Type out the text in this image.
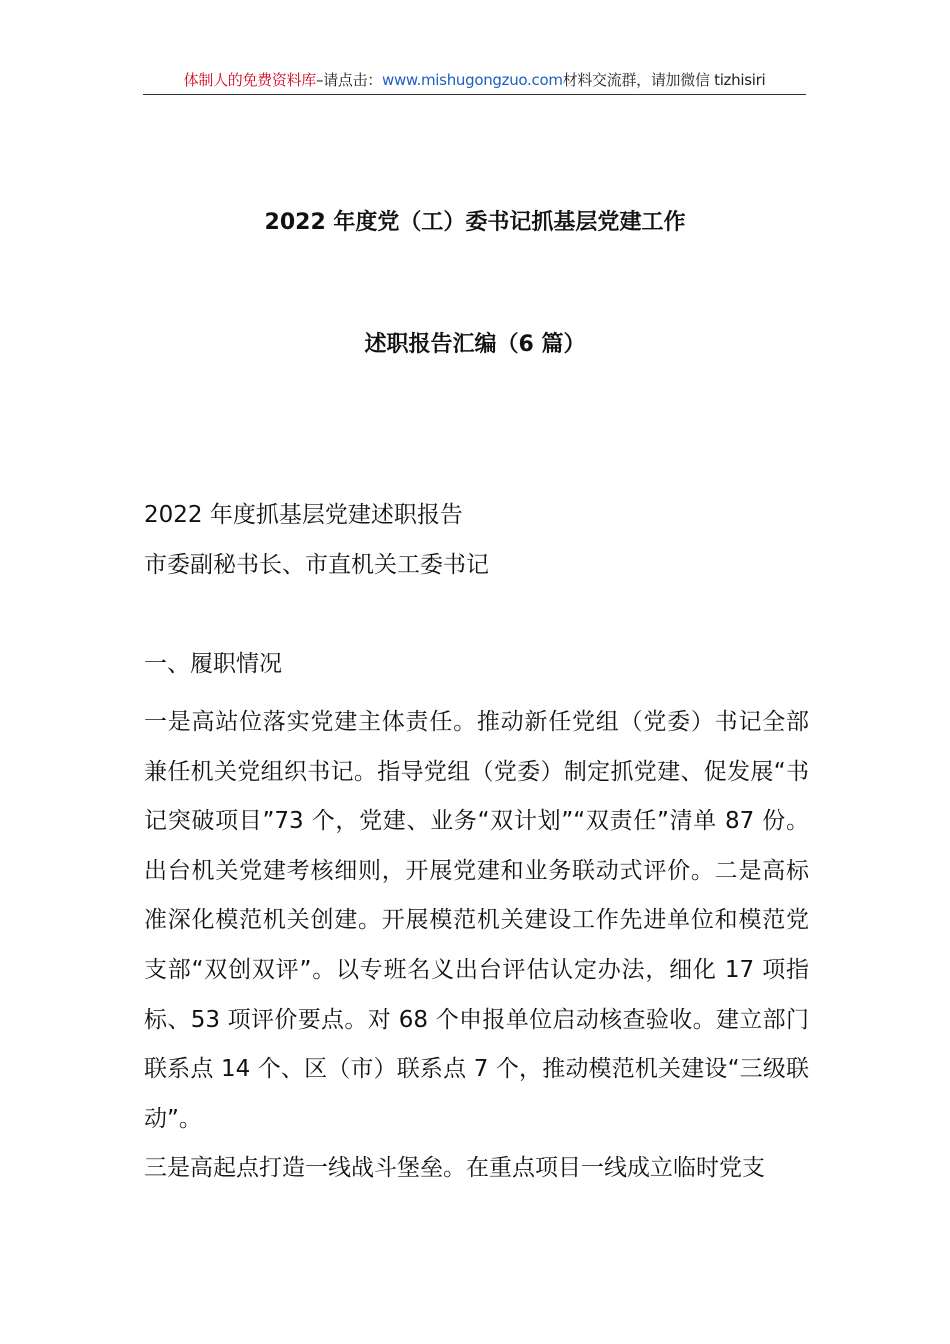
体制人的免费资料库–请点击：www.mishugongzuo.com材料交流群，请加微信 tizhisiri
2022 年度党（工）委书记抓基层党建工作
述职报告汇编（6 篇）
2022 年度抓基层党建述职报告
市委副秘书长、市直机关工委书记
一、履职情况

一是高站位落实党建主体责任。推动新任党组（党委）书记全部兼任机关党组织书记。指导党组（党委）制定抓党建、促发展“书记突破项目”73 个，党建、业务“双计划”“双责任”清单 87 份。出台机关党建考核细则，开展党建和业务联动式评价。二是高标准深化模范机关创建。开展模范机关建设工作先进单位和模范党支部“双创双评”。以专班名义出台评估认定办法，细化 17 项指标、53 项评价要点。对 68 个申报单位启动核查验收。建立部门联系点 14 个、区（市）联系点 7 个，推动模范机关建设“三级联动”。

三是高起点打造一线战斗堡垒。在重点项目一线成立临时党支
